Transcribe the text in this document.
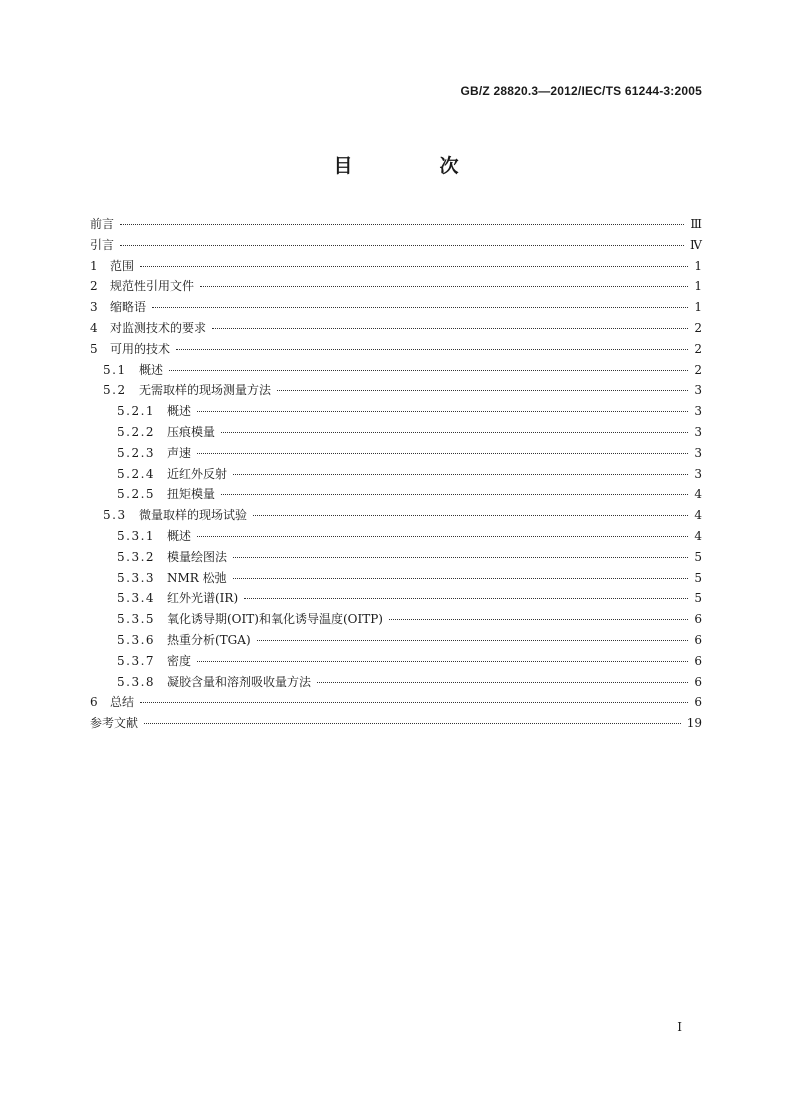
GB/Z 28820.3—2012/IEC/TS 61244-3:2005
目　次
前言	Ⅲ
引言	Ⅳ
1 范围	1
2 规范性引用文件	1
3 缩略语	1
4 对监测技术的要求	2
5 可用的技术	2
5.1	概述	2
5.2	无需取样的现场测量方法	3
5.2.1 概述	3
5.2.2 压痕模量	3
5.2.3 声速	3
5.2.4 近红外反射	3
5.2.5 扭矩模量	4
5.3	微量取样的现场试验	4
5.3.1 概述	4
5.3.2 模量绘图法	5
5.3.3 NMR 松弛	5
5.3.4 红外光谱(IR)	5
5.3.5 氧化诱导期(OIT)和氧化诱导温度(OITP)	6
5.3.6 热重分析(TGA)	6
5.3.7 密度	6
5.3.8 凝胶含量和溶剂吸收量方法	6
6 总结	6
参考文献	19
I
